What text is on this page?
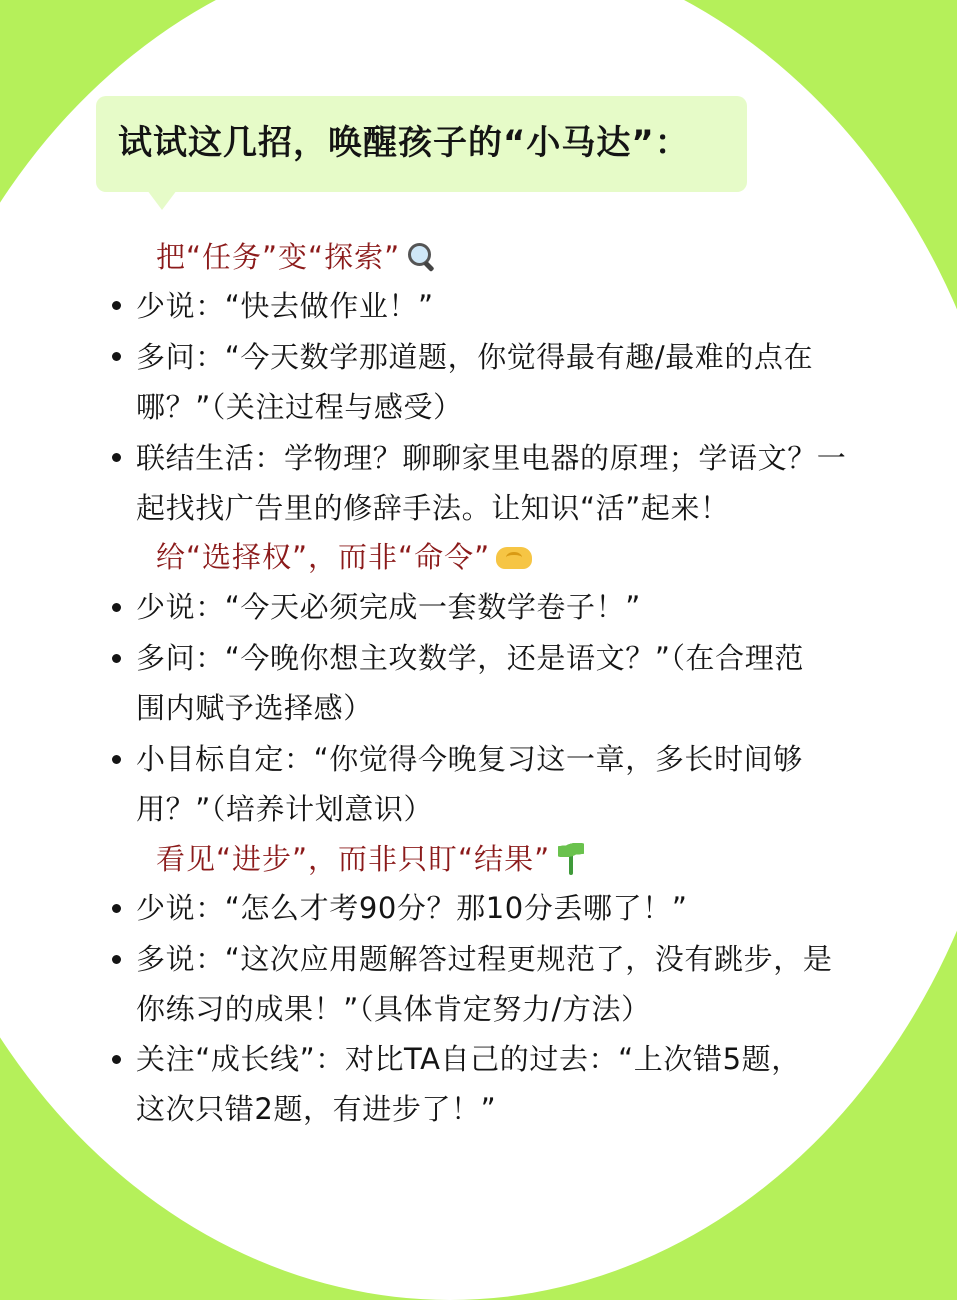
试试这几招，唤醒孩子的“小马达”：
把“任务”变“探索”
少说：“快去做作业！”
多问：“今天数学那道题，你觉得最有趣/最难的点在
哪？”（关注过程与感受）
联结生活：学物理？聊聊家里电器的原理；学语文？一
起找找广告里的修辞手法。让知识“活”起来！
给“选择权”，而非“命令”
少说：“今天必须完成一套数学卷子！”
多问：“今晚你想主攻数学，还是语文？”（在合理范
围内赋予选择感）
小目标自定：“你觉得今晚复习这一章，多长时间够
用？”（培养计划意识）
看见“进步”，而非只盯“结果”
少说：“怎么才考90分？那10分丢哪了！”
多说：“这次应用题解答过程更规范了，没有跳步，是
你练习的成果！”（具体肯定努力/方法）
关注“成长线”：对比TA自己的过去：“上次错5题，
这次只错2题，有进步了！”
